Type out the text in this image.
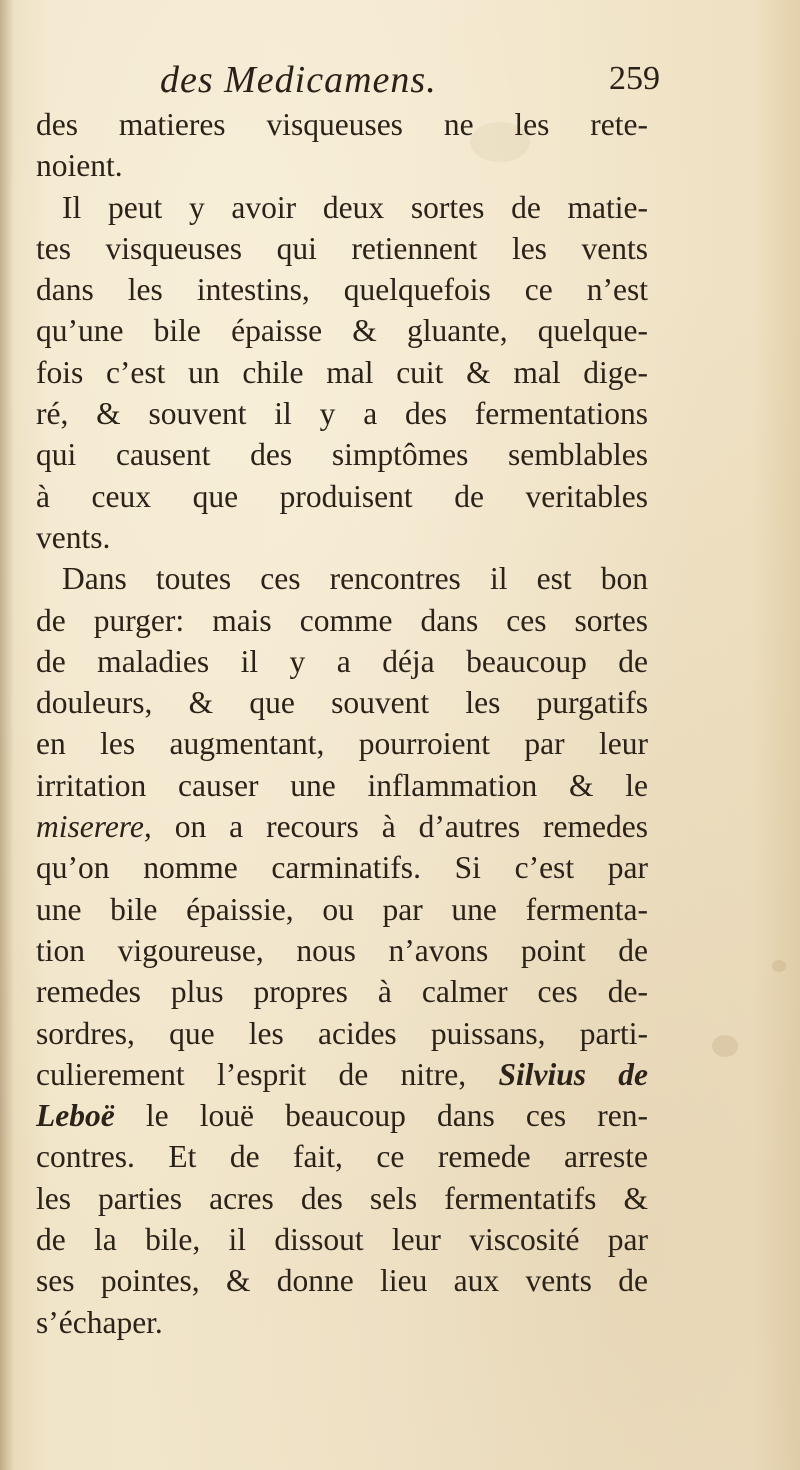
des Medicamens.	259
des matieres visqueuses ne les rete-
noient.
Il peut y avoir deux sortes de matie-
tes visqueuses qui retiennent les vents
dans les intestins, quelquefois ce n’est
qu’une bile épaisse & gluante, quelque-
fois c’est un chile mal cuit & mal dige-
ré, & souvent il y a des fermentations
qui causent des simptômes semblables
à ceux que produisent de veritables
vents.
Dans toutes ces rencontres il est bon
de purger: mais comme dans ces sortes
de maladies il y a déja beaucoup de
douleurs, & que souvent les purgatifs
en les augmentant, pourroient par leur
irritation causer une inflammation & le
miserere, on a recours à d’autres remedes
qu’on nomme carminatifs. Si c’est par
une bile épaissie, ou par une fermenta-
tion vigoureuse, nous n’avons point de
remedes plus propres à calmer ces de-
sordres, que les acides puissans, parti-
culierement l’esprit de nitre, Silvius de
Leboë le louë beaucoup dans ces ren-
contres. Et de fait, ce remede arreste
les parties acres des sels fermentatifs &
de la bile, il dissout leur viscosité par
ses pointes, & donne lieu aux vents de
s’échaper.
